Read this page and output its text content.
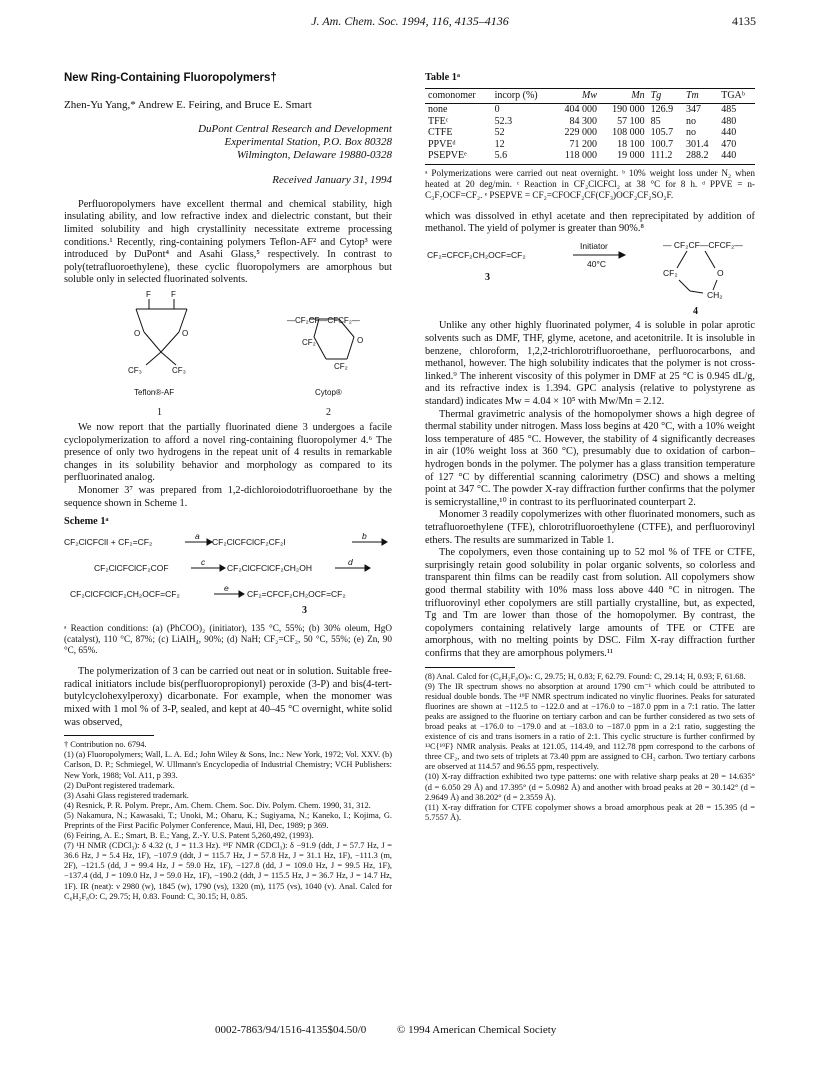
J. Am. Chem. Soc. 1994, 116, 4135–4136	4135

New Ring-Containing Fluoropolymers†

Zhen-Yu Yang,* Andrew E. Feiring, and Bruce E. Smart

DuPont Central Research and Development
Experimental Station, P.O. Box 80328
Wilmington, Delaware 19880-0328

Received January 31, 1994

Perfluoropolymers have excellent thermal and chemical stability, high insulating ability, and low refractive index and dielectric constant, but their limited solubility and high crystallinity necessitate extreme processing conditions.¹ Recently, ring-containing polymers Teflon-AF² and Cytop³ were introduced by DuPont⁴ and Asahi Glass,⁵ respectively. In contrast to poly(tetrafluoroethylene), these cyclic fluoropolymers are amorphous but soluble only in selected fluorinated solvents.

F	F
O	O
CF₃	CF₃
—CF₂CF—CFCF₂—
CF₂	O
CF₂
Teflon®-AF
1
Cytop®
2

We now report that the partially fluorinated diene 3 undergoes a facile cyclopolymerization to afford a novel ring-containing fluoropolymer 4.⁶ The presence of only two hydrogens in the repeat unit of 4 results in remarkable changes in its solubility behavior and morphology as compared to its perfluorinated analog.

Monomer 3⁷ was prepared from 1,2-dichloroiodotrifluoroethane by the sequence shown in Scheme 1.

Scheme 1ᵃ

CF₂ClCFClI + CF₂=CF₂	CF₂ClCFClCF₂CF₂I
CF₂ClCFClCF₂COF	CF₂ClCFClCF₂CH₂OH
CF₂ClCFClCF₂CH₂OCF=CF₂	CF₂=CFCF₂CH₂OCF=CF₂
a	b
c	d
e
3

ᵃ Reaction conditions: (a) (PhCOO)₂ (initiator), 135 °C, 55%; (b) 30% oleum, HgO (catalyst), 110 °C, 87%; (c) LiAlH₄, 90%; (d) NaH; CF₂=CF₂, 50 °C, 55%; (e) Zn, 90 °C, 65%.

The polymerization of 3 can be carried out neat or in solution. Suitable free-radical initiators include bis(perfluoropropionyl) peroxide (3-P) and bis(4-tert-butylcyclohexylperoxy) dicarbonate. For example, when the monomer was mixed with 1 mol % of 3-P, sealed, and kept at 40–45 °C overnight, white solid was observed,

† Contribution no. 6794.

(1) (a) Fluoropolymers; Wall, L. A. Ed.; John Wiley & Sons, Inc.: New York, 1972; Vol. XXV. (b) Carlson, D. P.; Schmiegel, W. Ullmann's Encyclopedia of Industrial Chemistry; VCH Publishers: New York, 1988; Vol. A11, p 393.

(2) DuPont registered trademark.

(3) Asahi Glass registered trademark.

(4) Resnick, P. R. Polym. Prepr., Am. Chem. Chem. Soc. Div. Polym. Chem. 1990, 31, 312.

(5) Nakamura, N.; Kawasaki, T.; Unoki, M.; Oharu, K.; Sugiyama, N.; Kaneko, I.; Kojima, G. Preprints of the First Pacific Polymer Conference, Maui, HI, Dec, 1989; p 369.

(6) Feiring, A. E.; Smart, B. E.; Yang, Z.-Y. U.S. Patent 5,260,492, (1993).

(7) ¹H NMR (CDCl₃): δ 4.32 (t, J = 11.3 Hz). ¹⁹F NMR (CDCl₃): δ −91.9 (ddt, J = 57.7 Hz, J = 36.6 Hz, J = 5.4 Hz, 1F), −107.9 (ddt, J = 115.7 Hz, J = 57.8 Hz, J = 31.1 Hz, 1F), −111.3 (m, 2F), −121.5 (dd, J = 99.4 Hz, J = 59.0 Hz, 1F), −127.8 (dd, J = 109.0 Hz, J = 99.5 Hz, 1F), −137.4 (dd, J = 109.0 Hz, J = 59.0 Hz, 1F), −190.2 (ddt, J = 115.5 Hz, J = 36.7 Hz, J = 14.7 Hz, 1F). IR (neat): ν 2980 (w), 1845 (w), 1790 (vs), 1320 (m), 1175 (vs), 1040 (v). Anal. Calcd for C₆H₂F₈O: C, 29.75; H, 0.83. Found: C, 30.15; H, 0.85.

Table 1ᵃ

comonomer	incorp (%)	Mw	Mn	Tg	Tm	TGAᵇ
none	0	404 000	190 000	126.9	347	485
TFEᶜ	52.3	84 300	57 100	85	no	480
CTFE	52	229 000	108 000	105.7	no	440
PPVEᵈ	12	71 200	18 100	100.7	301.4	470
PSEPVEᵉ	5.6	118 000	19 000	111.2	288.2	440

ᵃ Polymerizations were carried out neat overnight. ᵇ 10% weight loss under N₂ when heated at 20 deg/min. ᶜ Reaction in CF₂ClCFCl₂ at 38 °C for 8 h. ᵈ PPVE = n-C₃F₇OCF=CF₂. ᵉ PSEPVE = CF₂=CFOCF₂CF(CF₃)OCF₂CF₂SO₂F.

which was dissolved in ethyl acetate and then reprecipitated by addition of methanol. The yield of polymer is greater than 90%.⁸

CF₂=CFCF₂CH₂OCF=CF₂
3
Initiator
40°C
— CF₂CF—CFCF₂—
CF₂	O
CH₂
4

Unlike any other highly fluorinated polymer, 4 is soluble in polar aprotic solvents such as DMF, THF, glyme, acetone, and acetonitrile. It is insoluble in benzene, chloroform, 1,2,2-trichlorotrifluoroethane, perfluorocarbons, and methanol, however. The high solubility indicates that the polymer is not cross-linked.⁹ The inherent viscosity of this polymer in DMF at 25 °C is 0.945 dL/g, and its refractive index is 1.394. GPC analysis (relative to polystyrene as standard) indicates Mw = 4.04 × 10⁵ with Mw/Mn = 2.12.

Thermal gravimetric analysis of the homopolymer shows a high degree of thermal stability under nitrogen. Mass loss begins at 420 °C, with a 10% weight loss temperature of 485 °C. However, the stability of 4 significantly decreases in air (10% weight loss at 360 °C), presumably due to oxidation of carbon–hydrogen bonds in the polymer. The polymer has a glass transition temperature of 127 °C by differential scanning calorimetry (DSC) and shows a melting point at 347 °C. The powder X-ray diffraction further confirms that the polymer is semicrystalline,¹⁰ in contrast to its perfluorinated counterpart 2.

Monomer 3 readily copolymerizes with other fluorinated monomers, such as tetrafluoroethylene (TFE), chlorotrifluoroethylene (CTFE), and perfluorovinyl ethers. The results are summarized in Table 1.

The copolymers, even those containing up to 52 mol % of TFE or CTFE, surprisingly retain good solubility in polar organic solvents, so colorless and transparent thin films can be readily cast from solution. All copolymers show good thermal stability with 10% mass loss above 440 °C in nitrogen. The trifluorovinyl ether copolymers are still partially crystalline, but, as expected, Tg and Tm are lower than those of the homopolymer. By contrast, the copolymers containing relatively large amounts of TFE or CTFE are amorphous, with no melting points by DSC. Film X-ray diffraction further confirms that they are amorphous polymers.¹¹

(8) Anal. Calcd for (C₆H₂F₈O)ₙ: C, 29.75; H, 0.83; F, 62.79. Found: C, 29.14; H, 0.93; F, 61.68.

(9) The IR spectrum shows no absorption at around 1790 cm⁻¹ which could be attributed to residual double bonds. The ¹⁹F NMR spectrum indicated no vinylic fluorines. Peaks for saturated fluorines are shown at −112.5 to −122.0 and at −176.0 to −187.0 ppm in a 7:1 ratio. The latter peaks are assigned to the fluorine on tertiary carbon and can be further considered as two sets of broad peaks at −176.0 to −179.0 and at −183.0 to −187.0 ppm in a 2:1 ratio, suggesting the existence of cis and trans isomers in a ratio of 2:1. This cyclic structure is further confirmed by ¹³C{¹⁹F} NMR analysis. Peaks at 121.05, 114.49, and 112.78 ppm correspond to the carbons of three CF₂, and two sets of triplets at 73.40 ppm are assigned to CH₂ carbon. Two tertiary carbons are observed at 114.57 and 96.55 ppm, respectively.

(10) X-ray diffraction exhibited two type patterns: one with relative sharp peaks at 2θ = 14.635° (d = 6.050 29 Å) and 17.395° (d = 5.0982 Å) and another with broad peaks at 2θ = 30.142° (d = 2.9649 Å) and 38.202° (d = 2.3559 Å).

(11) X-ray diffration for CTFE copolymer shows a broad amorphous peak at 2θ = 15.395 (d = 5.7557 Å).

0002-7863/94/1516-4135$04.50/0	© 1994 American Chemical Society
